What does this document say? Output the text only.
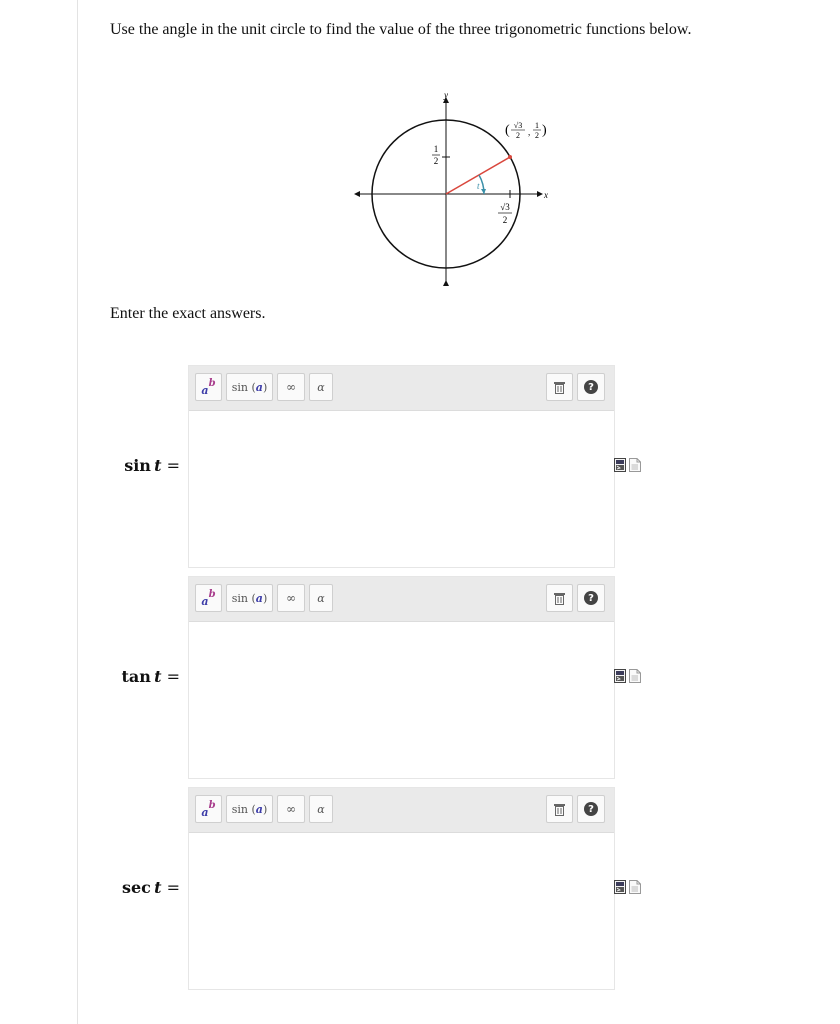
Use the angle in the unit circle to find the value of the three trigonometric functions below.
y
x
t
1
2
√3
2
( √3
2 ,
1
2 )
Enter the exact answers.
sin  t =
a
b sin ( a )	∞	α	?
tan  t =
a
b sin ( a )	∞	α	?
sec  t =
a
b sin ( a )	∞	α	?
